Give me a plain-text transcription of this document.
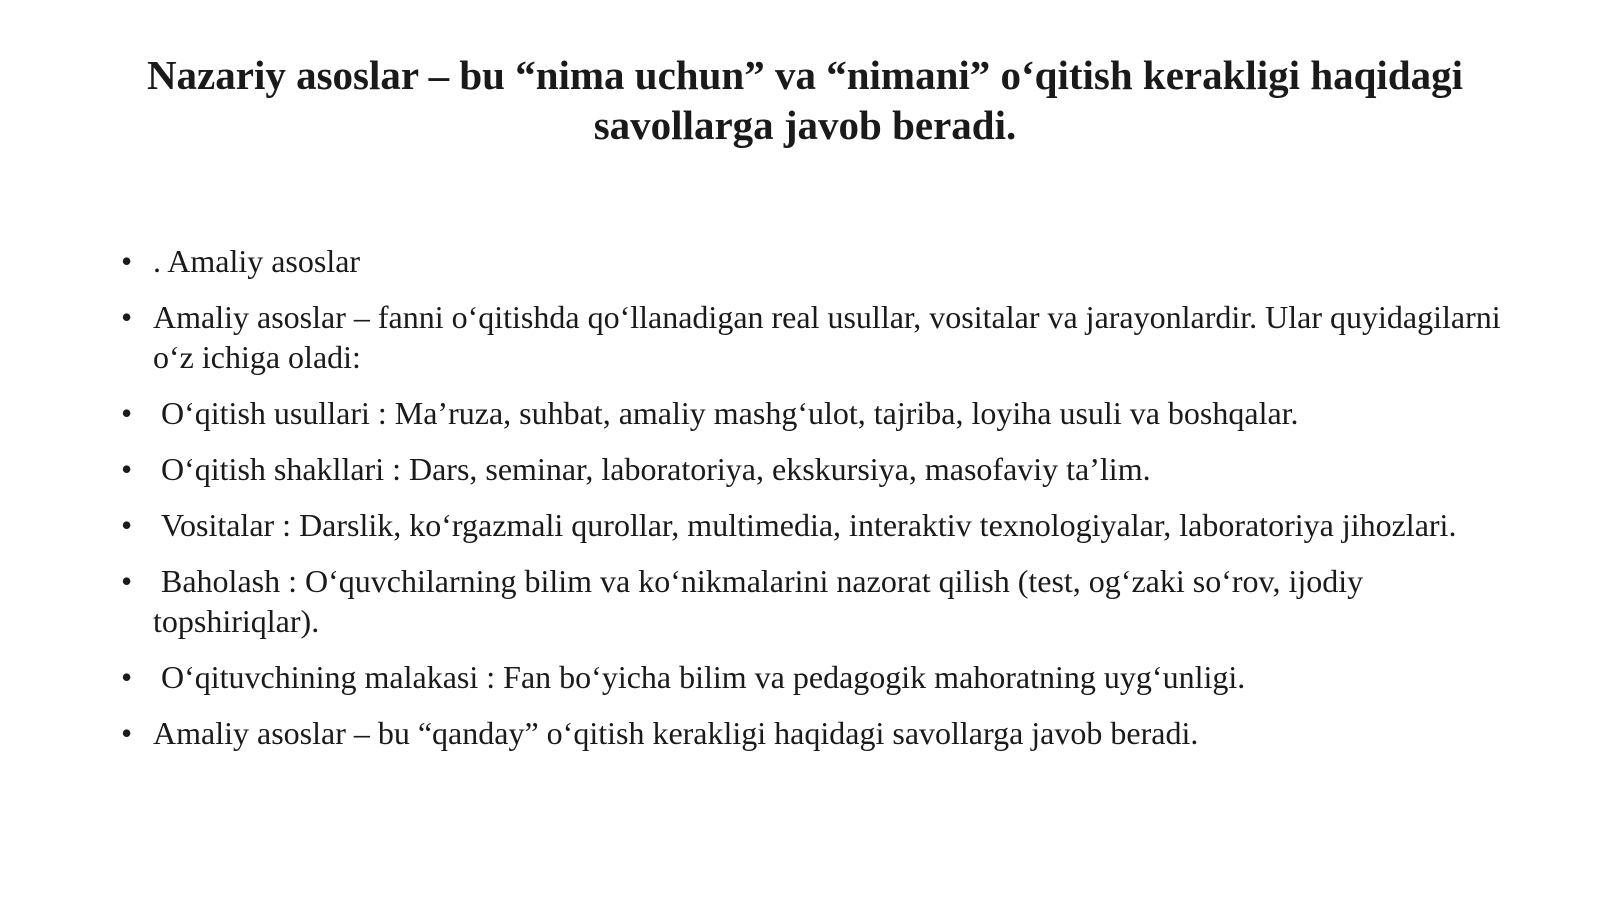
Nazariy asoslar – bu “nima uchun” va “nimani” o‘qitish kerakligi haqidagi savollarga javob beradi.
• . Amaliy asoslar
• Amaliy asoslar – fanni o‘qitishda qo‘llanadigan real usullar, vositalar va jarayonlardir. Ular quyidagilarni o‘z ichiga oladi:
• O‘qitish usullari : Ma’ruza, suhbat, amaliy mashg‘ulot, tajriba, loyiha usuli va boshqalar.
• O‘qitish shakllari : Dars, seminar, laboratoriya, ekskursiya, masofaviy ta’lim.
• Vositalar : Darslik, ko‘rgazmali qurollar, multimedia, interaktiv texnologiyalar, laboratoriya jihozlari.
• Baholash : O‘quvchilarning bilim va ko‘nikmalarini nazorat qilish (test, og‘zaki so‘rov, ijodiy topshiriqlar).
• O‘qituvchining malakasi : Fan bo‘yicha bilim va pedagogik mahoratning uyg‘unligi.
• Amaliy asoslar – bu “qanday” o‘qitish kerakligi haqidagi savollarga javob beradi.
